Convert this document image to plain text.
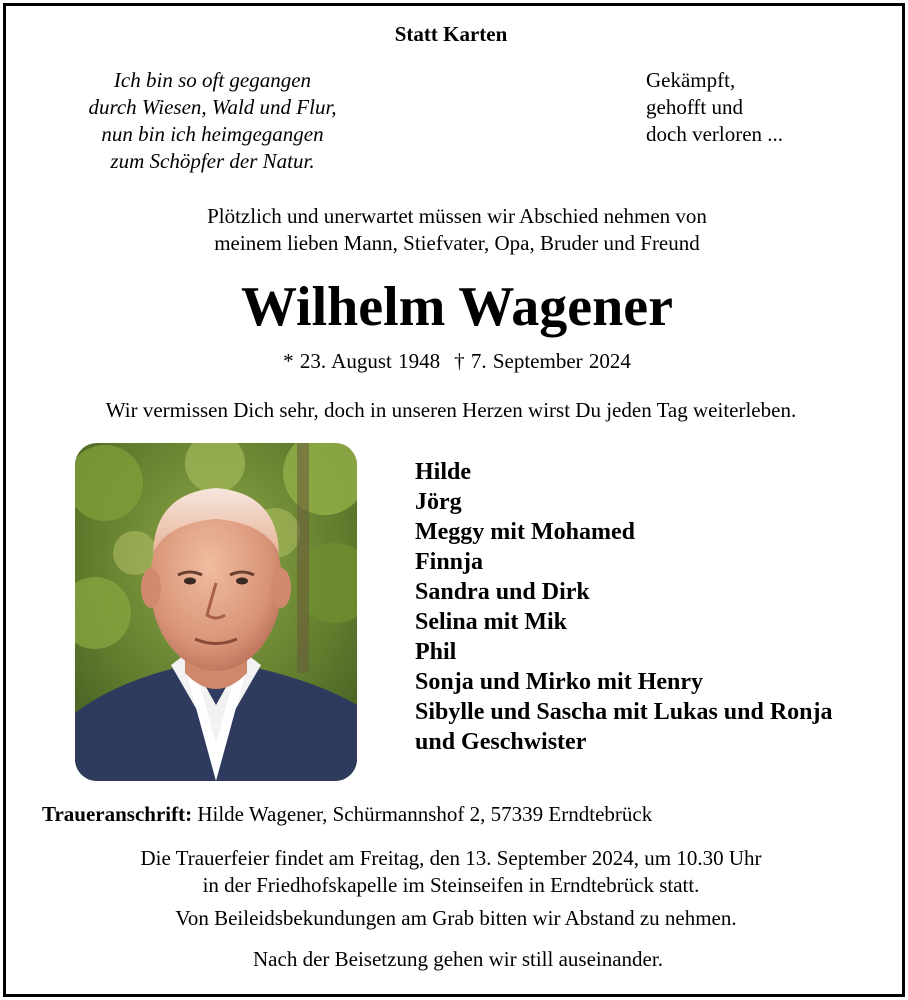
Statt Karten
Ich bin so oft gegangen
durch Wiesen, Wald und Flur,
nun bin ich heimgegangen
zum Schöpfer der Natur.
Gekämpft,
gehofft und
doch verloren ...
Plötzlich und unerwartet müssen wir Abschied nehmen von
meinem lieben Mann, Stiefvater, Opa, Bruder und Freund
Wilhelm Wagener
* 23. August 1948 † 7. September 2024
Wir vermissen Dich sehr, doch in unseren Herzen wirst Du jeden Tag weiterleben.
Hilde
Jörg
Meggy mit Mohamed
Finnja
Sandra und Dirk
Selina mit Mik
Phil
Sonja und Mirko mit Henry
Sibylle und Sascha mit Lukas und Ronja
und Geschwister
Traueranschrift: Hilde Wagener, Schürmannshof 2, 57339 Erndtebrück
Die Trauerfeier findet am Freitag, den 13. September 2024, um 10.30 Uhr
in der Friedhofskapelle im Steinseifen in Erndtebrück statt.
Von Beileidsbekundungen am Grab bitten wir Abstand zu nehmen.
Nach der Beisetzung gehen wir still auseinander.
